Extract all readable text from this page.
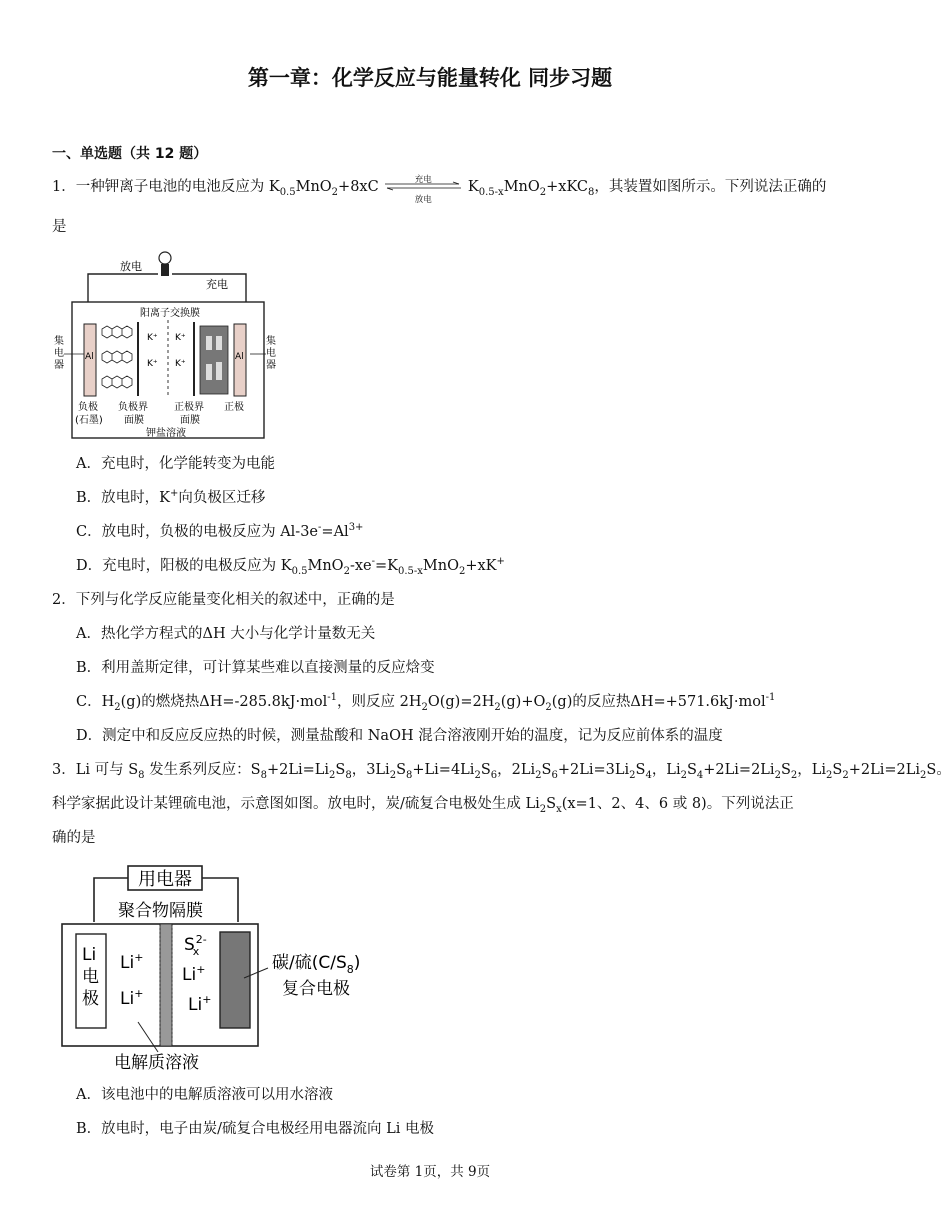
第一章：化学反应与能量转化 同步习题
一、单选题（共 12 题）
1．一种钾离子电池的电池反应为 $K_{0.5}MnO_2+8xC$	充电
放电
$K_{0.5-x}MnO_2+xKC_8$，其装置如图所示。下列说法正确的
是
放电
充电
阳离子交换膜
集
电
器
集
电
器
Al
K⁺
K⁺
K⁺
K⁺
Al
负极
(石墨)
负极界
面膜
正极界
面膜
正极
钾盐溶液
A．充电时，化学能转变为电能
B．放电时，K+向负极区迁移
C．放电时，负极的电极反应为 $Al-3e^-=Al^{3+}$
D．充电时，阳极的电极反应为 $K_{0.5}MnO_2-xe^-=K_{0.5-x}MnO_2+xK^+$
2．下列与化学反应能量变化相关的叙述中，正确的是
A．热化学方程式的ΔH 大小与化学计量数无关
B．利用盖斯定律，可计算某些难以直接测量的反应焓变
C．$H_2(g)$的燃烧热ΔH=-285.8kJ·mol$^{-1}$，则反应 $2H_2O(g)=2H_2(g)+O_2(g)$的反应热ΔH=+571.6kJ·mol$^{-1}$
D．测定中和反应反应热的时候，测量盐酸和 NaOH 混合溶液刚开始的温度，记为反应前体系的温度
3．Li 可与 $S_8$ 发生系列反应：$S_8+2Li=Li_2S_8$，$3Li_2S_8+Li=4Li_2S_6$，$2Li_2S_6+2Li=3Li_2S_4$，$Li_2S_4+2Li=2Li_2S_2$，$Li_2S_2+2Li=2Li_2S$。
科学家据此设计某锂硫电池，示意图如图。放电时，炭/硫复合电极处生成 $Li_2S_x(x=1$、2、4、6 或 8)。下列说法正
确的是
用电器
聚合物隔膜
Li
电
极
Li+
Li+
$S^{2-}x$
Li+
Li+
碳/硫$(C/S_8)$
复合电极
电解质溶液
A．该电池中的电解质溶液可以用水溶液
B．放电时，电子由炭/硫复合电极经用电器流向 Li 电极
试卷第 1页，共 9页
